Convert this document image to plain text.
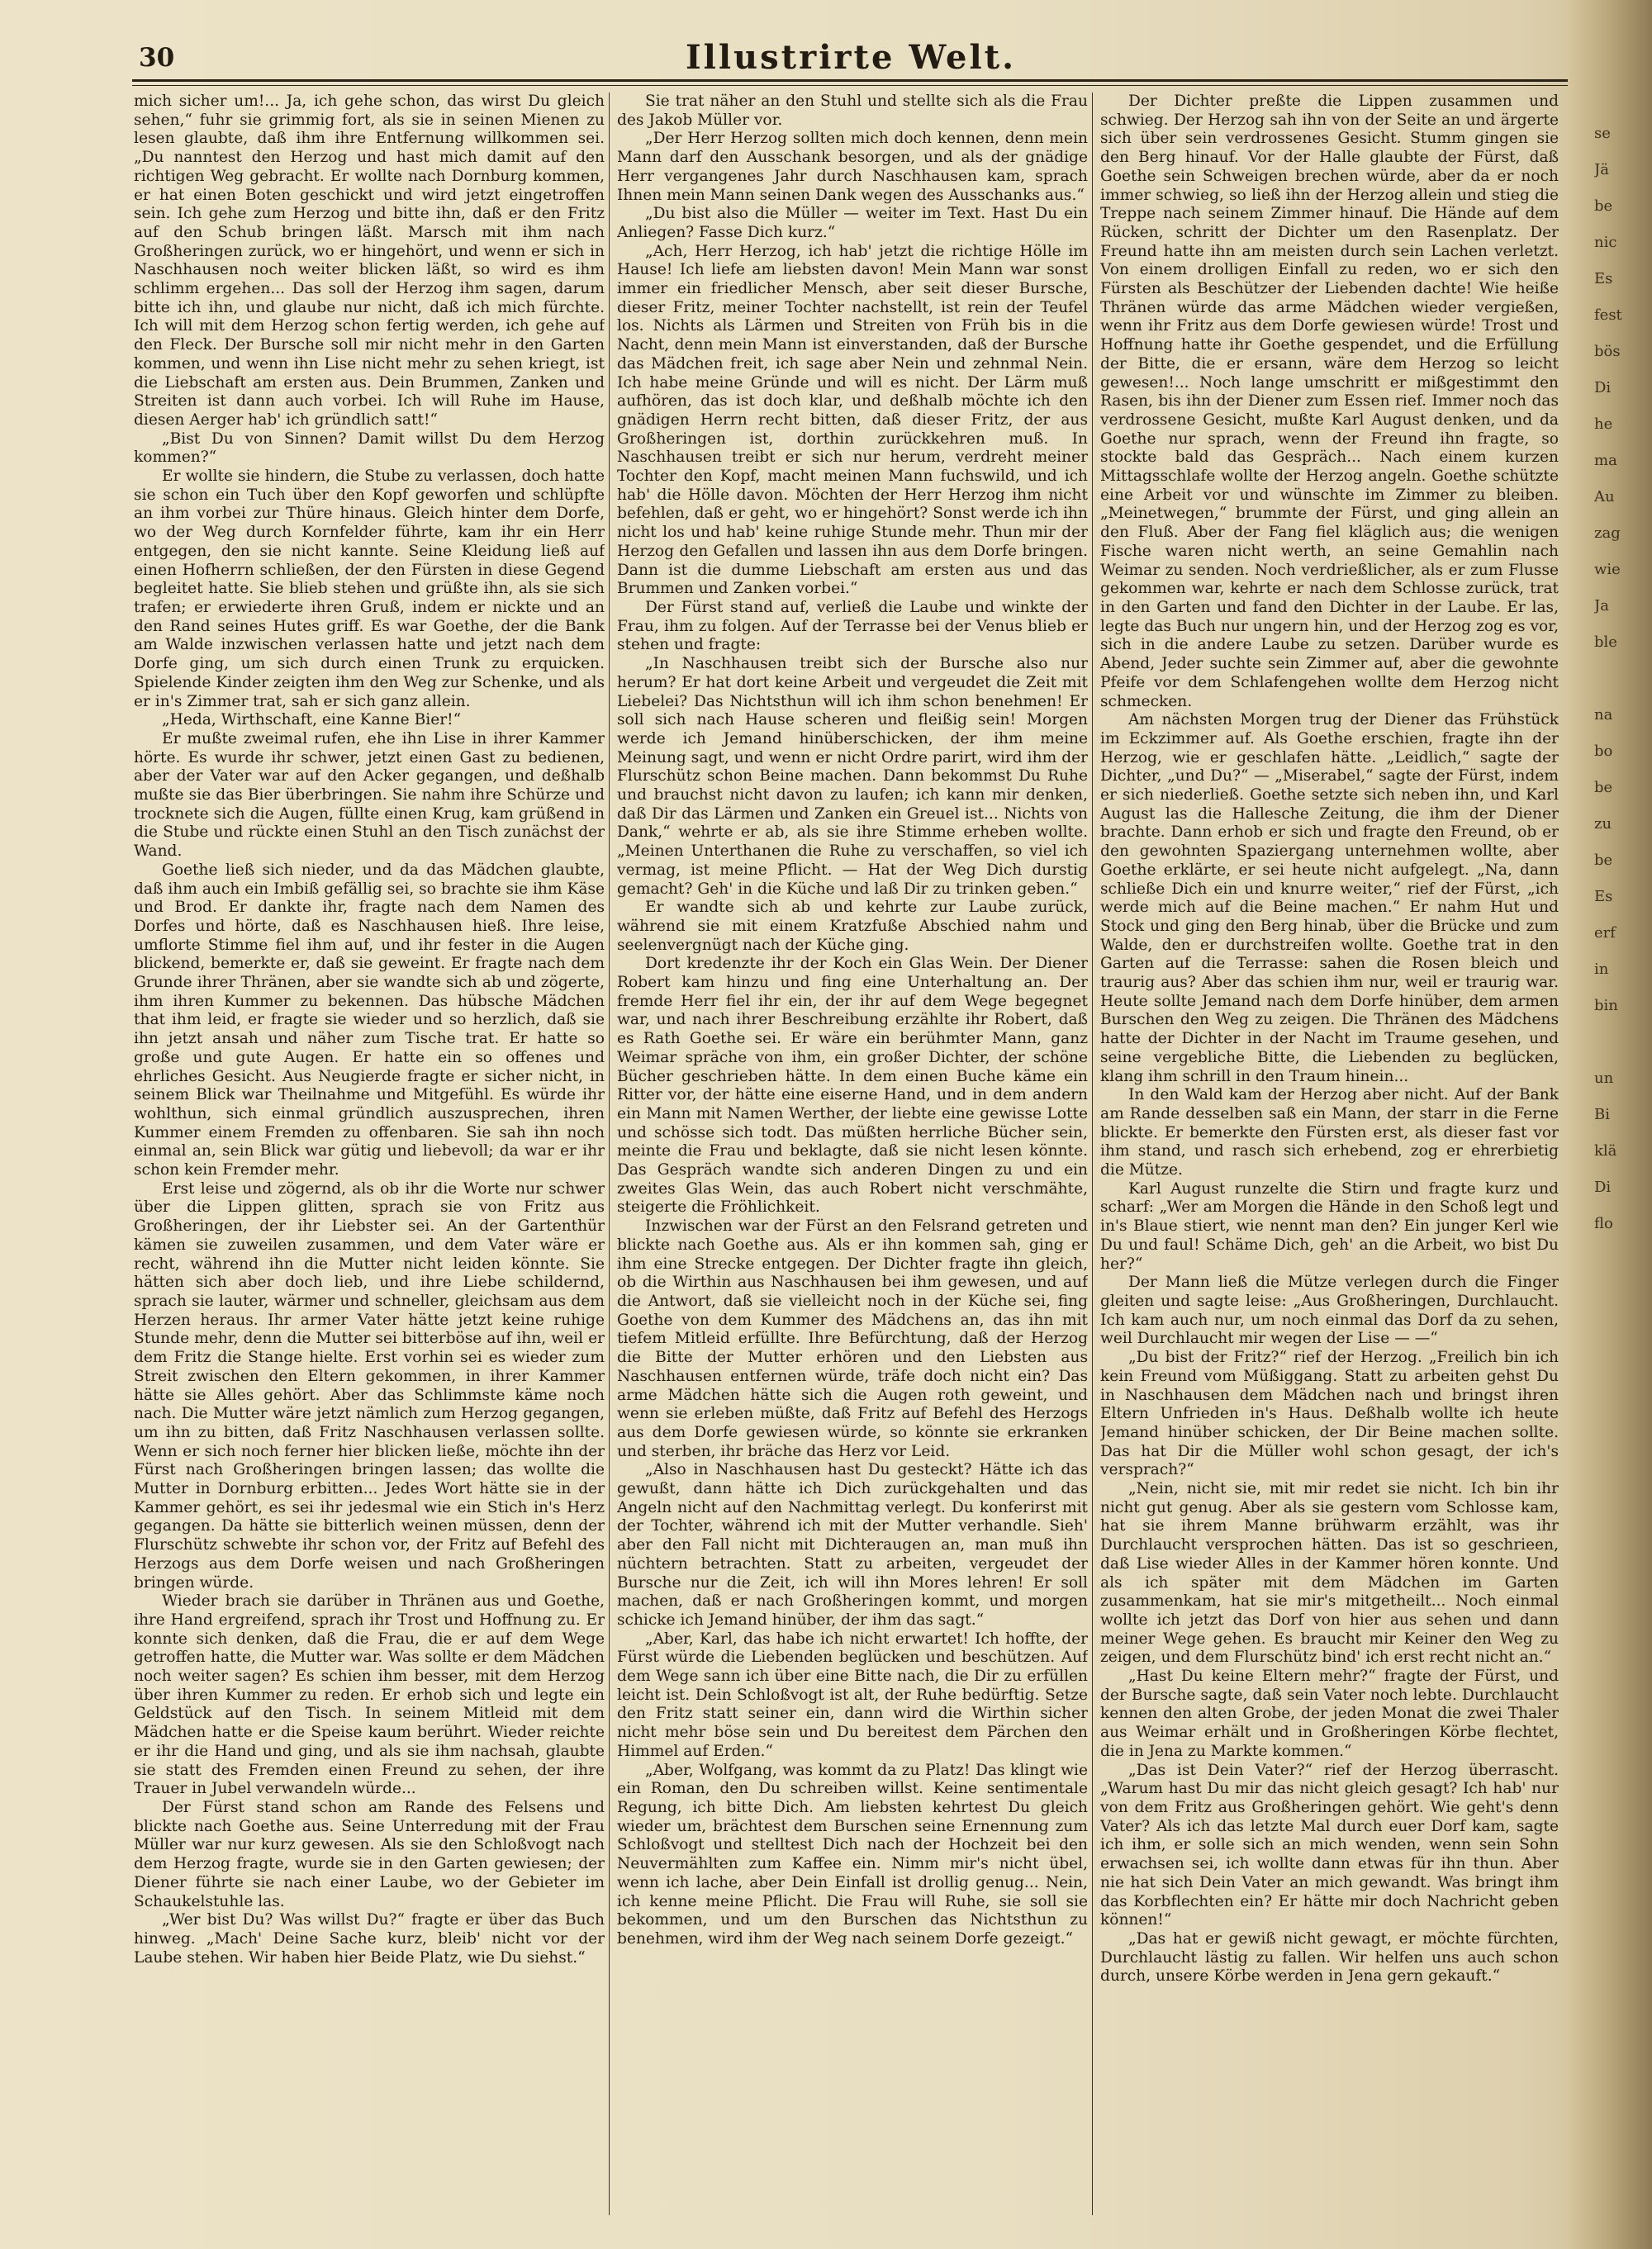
30	Illustrirte Welt.

mich sicher um!... Ja, ich gehe schon, das wirst Du gleich sehen,“ fuhr sie grimmig fort, als sie in seinen Mienen zu lesen glaubte, daß ihm ihre Entfernung willkommen sei. „Du nanntest den Herzog und hast mich damit auf den richtigen Weg gebracht. Er wollte nach Dornburg kommen, er hat einen Boten geschickt und wird jetzt eingetroffen sein. Ich gehe zum Herzog und bitte ihn, daß er den Fritz auf den Schub bringen läßt. Marsch mit ihm nach Großheringen zurück, wo er hingehört, und wenn er sich in Naschhausen noch weiter blicken läßt, so wird es ihm schlimm ergehen... Das soll der Herzog ihm sagen, darum bitte ich ihn, und glaube nur nicht, daß ich mich fürchte. Ich will mit dem Herzog schon fertig werden, ich gehe auf den Fleck. Der Bursche soll mir nicht mehr in den Garten kommen, und wenn ihn Lise nicht mehr zu sehen kriegt, ist die Liebschaft am ersten aus. Dein Brummen, Zanken und Streiten ist dann auch vorbei. Ich will Ruhe im Hause, diesen Aerger hab' ich gründlich satt!“

„Bist Du von Sinnen? Damit willst Du dem Herzog kommen?“

Er wollte sie hindern, die Stube zu verlassen, doch hatte sie schon ein Tuch über den Kopf geworfen und schlüpfte an ihm vorbei zur Thüre hinaus. Gleich hinter dem Dorfe, wo der Weg durch Kornfelder führte, kam ihr ein Herr entgegen, den sie nicht kannte. Seine Kleidung ließ auf einen Hofherrn schließen, der den Fürsten in diese Gegend begleitet hatte. Sie blieb stehen und grüßte ihn, als sie sich trafen; er erwiederte ihren Gruß, indem er nickte und an den Rand seines Hutes griff. Es war Goethe, der die Bank am Walde inzwischen verlassen hatte und jetzt nach dem Dorfe ging, um sich durch einen Trunk zu erquicken. Spielende Kinder zeigten ihm den Weg zur Schenke, und als er in's Zimmer trat, sah er sich ganz allein.

„Heda, Wirthschaft, eine Kanne Bier!“

Er mußte zweimal rufen, ehe ihn Lise in ihrer Kammer hörte. Es wurde ihr schwer, jetzt einen Gast zu bedienen, aber der Vater war auf den Acker gegangen, und deßhalb mußte sie das Bier überbringen. Sie nahm ihre Schürze und trocknete sich die Augen, füllte einen Krug, kam grüßend in die Stube und rückte einen Stuhl an den Tisch zunächst der Wand.

Goethe ließ sich nieder, und da das Mädchen glaubte, daß ihm auch ein Imbiß gefällig sei, so brachte sie ihm Käse und Brod. Er dankte ihr, fragte nach dem Namen des Dorfes und hörte, daß es Naschhausen hieß. Ihre leise, umflorte Stimme fiel ihm auf, und ihr fester in die Augen blickend, bemerkte er, daß sie geweint. Er fragte nach dem Grunde ihrer Thränen, aber sie wandte sich ab und zögerte, ihm ihren Kummer zu bekennen. Das hübsche Mädchen that ihm leid, er fragte sie wieder und so herzlich, daß sie ihn jetzt ansah und näher zum Tische trat. Er hatte so große und gute Augen. Er hatte ein so offenes und ehrliches Gesicht. Aus Neugierde fragte er sicher nicht, in seinem Blick war Theilnahme und Mitgefühl. Es würde ihr wohlthun, sich einmal gründlich auszusprechen, ihren Kummer einem Fremden zu offenbaren. Sie sah ihn noch einmal an, sein Blick war gütig und liebevoll; da war er ihr schon kein Fremder mehr.

Erst leise und zögernd, als ob ihr die Worte nur schwer über die Lippen glitten, sprach sie von Fritz aus Großheringen, der ihr Liebster sei. An der Gartenthür kämen sie zuweilen zusammen, und dem Vater wäre er recht, während ihn die Mutter nicht leiden könnte. Sie hätten sich aber doch lieb, und ihre Liebe schildernd, sprach sie lauter, wärmer und schneller, gleichsam aus dem Herzen heraus. Ihr armer Vater hätte jetzt keine ruhige Stunde mehr, denn die Mutter sei bitterböse auf ihn, weil er dem Fritz die Stange hielte. Erst vorhin sei es wieder zum Streit zwischen den Eltern gekommen, in ihrer Kammer hätte sie Alles gehört. Aber das Schlimmste käme noch nach. Die Mutter wäre jetzt nämlich zum Herzog gegangen, um ihn zu bitten, daß Fritz Naschhausen verlassen sollte. Wenn er sich noch ferner hier blicken ließe, möchte ihn der Fürst nach Großheringen bringen lassen; das wollte die Mutter in Dornburg erbitten... Jedes Wort hätte sie in der Kammer gehört, es sei ihr jedesmal wie ein Stich in's Herz gegangen. Da hätte sie bitterlich weinen müssen, denn der Flurschütz schwebte ihr schon vor, der Fritz auf Befehl des Herzogs aus dem Dorfe weisen und nach Großheringen bringen würde.

Wieder brach sie darüber in Thränen aus und Goethe, ihre Hand ergreifend, sprach ihr Trost und Hoffnung zu. Er konnte sich denken, daß die Frau, die er auf dem Wege getroffen hatte, die Mutter war. Was sollte er dem Mädchen noch weiter sagen? Es schien ihm besser, mit dem Herzog über ihren Kummer zu reden. Er erhob sich und legte ein Geldstück auf den Tisch. In seinem Mitleid mit dem Mädchen hatte er die Speise kaum berührt. Wieder reichte er ihr die Hand und ging, und als sie ihm nachsah, glaubte sie statt des Fremden einen Freund zu sehen, der ihre Trauer in Jubel verwandeln würde...

Der Fürst stand schon am Rande des Felsens und blickte nach Goethe aus. Seine Unterredung mit der Frau Müller war nur kurz gewesen. Als sie den Schloßvogt nach dem Herzog fragte, wurde sie in den Garten gewiesen; der Diener führte sie nach einer Laube, wo der Gebieter im Schaukelstuhle las.

„Wer bist Du? Was willst Du?“ fragte er über das Buch hinweg. „Mach' Deine Sache kurz, bleib' nicht vor der Laube stehen. Wir haben hier Beide Platz, wie Du siehst.“

Sie trat näher an den Stuhl und stellte sich als die Frau des Jakob Müller vor.

„Der Herr Herzog sollten mich doch kennen, denn mein Mann darf den Ausschank besorgen, und als der gnädige Herr vergangenes Jahr durch Naschhausen kam, sprach Ihnen mein Mann seinen Dank wegen des Ausschanks aus.“

„Du bist also die Müller — weiter im Text. Hast Du ein Anliegen? Fasse Dich kurz.“

„Ach, Herr Herzog, ich hab' jetzt die richtige Hölle im Hause! Ich liefe am liebsten davon! Mein Mann war sonst immer ein friedlicher Mensch, aber seit dieser Bursche, dieser Fritz, meiner Tochter nachstellt, ist rein der Teufel los. Nichts als Lärmen und Streiten von Früh bis in die Nacht, denn mein Mann ist einverstanden, daß der Bursche das Mädchen freit, ich sage aber Nein und zehnmal Nein. Ich habe meine Gründe und will es nicht. Der Lärm muß aufhören, das ist doch klar, und deßhalb möchte ich den gnädigen Herrn recht bitten, daß dieser Fritz, der aus Großheringen ist, dorthin zurückkehren muß. In Naschhausen treibt er sich nur herum, verdreht meiner Tochter den Kopf, macht meinen Mann fuchswild, und ich hab' die Hölle davon. Möchten der Herr Herzog ihm nicht befehlen, daß er geht, wo er hingehört? Sonst werde ich ihn nicht los und hab' keine ruhige Stunde mehr. Thun mir der Herzog den Gefallen und lassen ihn aus dem Dorfe bringen. Dann ist die dumme Liebschaft am ersten aus und das Brummen und Zanken vorbei.“

Der Fürst stand auf, verließ die Laube und winkte der Frau, ihm zu folgen. Auf der Terrasse bei der Venus blieb er stehen und fragte:

„In Naschhausen treibt sich der Bursche also nur herum? Er hat dort keine Arbeit und vergeudet die Zeit mit Liebelei? Das Nichtsthun will ich ihm schon benehmen! Er soll sich nach Hause scheren und fleißig sein! Morgen werde ich Jemand hinüberschicken, der ihm meine Meinung sagt, und wenn er nicht Ordre parirt, wird ihm der Flurschütz schon Beine machen. Dann bekommst Du Ruhe und brauchst nicht davon zu laufen; ich kann mir denken, daß Dir das Lärmen und Zanken ein Greuel ist... Nichts von Dank,“ wehrte er ab, als sie ihre Stimme erheben wollte. „Meinen Unterthanen die Ruhe zu verschaffen, so viel ich vermag, ist meine Pflicht. — Hat der Weg Dich durstig gemacht? Geh' in die Küche und laß Dir zu trinken geben.“

Er wandte sich ab und kehrte zur Laube zurück, während sie mit einem Kratzfuße Abschied nahm und seelenvergnügt nach der Küche ging.

Dort kredenzte ihr der Koch ein Glas Wein. Der Diener Robert kam hinzu und fing eine Unterhaltung an. Der fremde Herr fiel ihr ein, der ihr auf dem Wege begegnet war, und nach ihrer Beschreibung erzählte ihr Robert, daß es Rath Goethe sei. Er wäre ein berühmter Mann, ganz Weimar spräche von ihm, ein großer Dichter, der schöne Bücher geschrieben hätte. In dem einen Buche käme ein Ritter vor, der hätte eine eiserne Hand, und in dem andern ein Mann mit Namen Werther, der liebte eine gewisse Lotte und schösse sich todt. Das müßten herrliche Bücher sein, meinte die Frau und beklagte, daß sie nicht lesen könnte. Das Gespräch wandte sich anderen Dingen zu und ein zweites Glas Wein, das auch Robert nicht verschmähte, steigerte die Fröhlichkeit.

Inzwischen war der Fürst an den Felsrand getreten und blickte nach Goethe aus. Als er ihn kommen sah, ging er ihm eine Strecke entgegen. Der Dichter fragte ihn gleich, ob die Wirthin aus Naschhausen bei ihm gewesen, und auf die Antwort, daß sie vielleicht noch in der Küche sei, fing Goethe von dem Kummer des Mädchens an, das ihn mit tiefem Mitleid erfüllte. Ihre Befürchtung, daß der Herzog die Bitte der Mutter erhören und den Liebsten aus Naschhausen entfernen würde, träfe doch nicht ein? Das arme Mädchen hätte sich die Augen roth geweint, und wenn sie erleben müßte, daß Fritz auf Befehl des Herzogs aus dem Dorfe gewiesen würde, so könnte sie erkranken und sterben, ihr bräche das Herz vor Leid.

„Also in Naschhausen hast Du gesteckt? Hätte ich das gewußt, dann hätte ich Dich zurückgehalten und das Angeln nicht auf den Nachmittag verlegt. Du konferirst mit der Tochter, während ich mit der Mutter verhandle. Sieh' aber den Fall nicht mit Dichteraugen an, man muß ihn nüchtern betrachten. Statt zu arbeiten, vergeudet der Bursche nur die Zeit, ich will ihn Mores lehren! Er soll machen, daß er nach Großheringen kommt, und morgen schicke ich Jemand hinüber, der ihm das sagt.“

„Aber, Karl, das habe ich nicht erwartet! Ich hoffte, der Fürst würde die Liebenden beglücken und beschützen. Auf dem Wege sann ich über eine Bitte nach, die Dir zu erfüllen leicht ist. Dein Schloßvogt ist alt, der Ruhe bedürftig. Setze den Fritz statt seiner ein, dann wird die Wirthin sicher nicht mehr böse sein und Du bereitest dem Pärchen den Himmel auf Erden.“

„Aber, Wolfgang, was kommt da zu Platz! Das klingt wie ein Roman, den Du schreiben willst. Keine sentimentale Regung, ich bitte Dich. Am liebsten kehrtest Du gleich wieder um, brächtest dem Burschen seine Ernennung zum Schloßvogt und stelltest Dich nach der Hochzeit bei den Neuvermählten zum Kaffee ein. Nimm mir's nicht übel, wenn ich lache, aber Dein Einfall ist drollig genug... Nein, ich kenne meine Pflicht. Die Frau will Ruhe, sie soll sie bekommen, und um den Burschen das Nichtsthun zu benehmen, wird ihm der Weg nach seinem Dorfe gezeigt.“

Der Dichter preßte die Lippen zusammen und schwieg. Der Herzog sah ihn von der Seite an und ärgerte sich über sein verdrossenes Gesicht. Stumm gingen sie den Berg hinauf. Vor der Halle glaubte der Fürst, daß Goethe sein Schweigen brechen würde, aber da er noch immer schwieg, so ließ ihn der Herzog allein und stieg die Treppe nach seinem Zimmer hinauf. Die Hände auf dem Rücken, schritt der Dichter um den Rasenplatz. Der Freund hatte ihn am meisten durch sein Lachen verletzt. Von einem drolligen Einfall zu reden, wo er sich den Fürsten als Beschützer der Liebenden dachte! Wie heiße Thränen würde das arme Mädchen wieder vergießen, wenn ihr Fritz aus dem Dorfe gewiesen würde! Trost und Hoffnung hatte ihr Goethe gespendet, und die Erfüllung der Bitte, die er ersann, wäre dem Herzog so leicht gewesen!... Noch lange umschritt er mißgestimmt den Rasen, bis ihn der Diener zum Essen rief. Immer noch das verdrossene Gesicht, mußte Karl August denken, und da Goethe nur sprach, wenn der Freund ihn fragte, so stockte bald das Gespräch... Nach einem kurzen Mittagsschlafe wollte der Herzog angeln. Goethe schützte eine Arbeit vor und wünschte im Zimmer zu bleiben. „Meinetwegen,“ brummte der Fürst, und ging allein an den Fluß. Aber der Fang fiel kläglich aus; die wenigen Fische waren nicht werth, an seine Gemahlin nach Weimar zu senden. Noch verdrießlicher, als er zum Flusse gekommen war, kehrte er nach dem Schlosse zurück, trat in den Garten und fand den Dichter in der Laube. Er las, legte das Buch nur ungern hin, und der Herzog zog es vor, sich in die andere Laube zu setzen. Darüber wurde es Abend, Jeder suchte sein Zimmer auf, aber die gewohnte Pfeife vor dem Schlafengehen wollte dem Herzog nicht schmecken.

Am nächsten Morgen trug der Diener das Frühstück im Eckzimmer auf. Als Goethe erschien, fragte ihn der Herzog, wie er geschlafen hätte. „Leidlich,“ sagte der Dichter, „und Du?“ — „Miserabel,“ sagte der Fürst, indem er sich niederließ. Goethe setzte sich neben ihn, und Karl August las die Hallesche Zeitung, die ihm der Diener brachte. Dann erhob er sich und fragte den Freund, ob er den gewohnten Spaziergang unternehmen wollte, aber Goethe erklärte, er sei heute nicht aufgelegt. „Na, dann schließe Dich ein und knurre weiter,“ rief der Fürst, „ich werde mich auf die Beine machen.“ Er nahm Hut und Stock und ging den Berg hinab, über die Brücke und zum Walde, den er durchstreifen wollte. Goethe trat in den Garten auf die Terrasse: sahen die Rosen bleich und traurig aus? Aber das schien ihm nur, weil er traurig war. Heute sollte Jemand nach dem Dorfe hinüber, dem armen Burschen den Weg zu zeigen. Die Thränen des Mädchens hatte der Dichter in der Nacht im Traume gesehen, und seine vergebliche Bitte, die Liebenden zu beglücken, klang ihm schrill in den Traum hinein...

In den Wald kam der Herzog aber nicht. Auf der Bank am Rande desselben saß ein Mann, der starr in die Ferne blickte. Er bemerkte den Fürsten erst, als dieser fast vor ihm stand, und rasch sich erhebend, zog er ehrerbietig die Mütze.

Karl August runzelte die Stirn und fragte kurz und scharf: „Wer am Morgen die Hände in den Schoß legt und in's Blaue stiert, wie nennt man den? Ein junger Kerl wie Du und faul! Schäme Dich, geh' an die Arbeit, wo bist Du her?“

Der Mann ließ die Mütze verlegen durch die Finger gleiten und sagte leise: „Aus Großheringen, Durchlaucht. Ich kam auch nur, um noch einmal das Dorf da zu sehen, weil Durchlaucht mir wegen der Lise — —“

„Du bist der Fritz?“ rief der Herzog. „Freilich bin ich kein Freund vom Müßiggang. Statt zu arbeiten gehst Du in Naschhausen dem Mädchen nach und bringst ihren Eltern Unfrieden in's Haus. Deßhalb wollte ich heute Jemand hinüber schicken, der Dir Beine machen sollte. Das hat Dir die Müller wohl schon gesagt, der ich's versprach?“

„Nein, nicht sie, mit mir redet sie nicht. Ich bin ihr nicht gut genug. Aber als sie gestern vom Schlosse kam, hat sie ihrem Manne brühwarm erzählt, was ihr Durchlaucht versprochen hätten. Das ist so geschrieen, daß Lise wieder Alles in der Kammer hören konnte. Und als ich später mit dem Mädchen im Garten zusammenkam, hat sie mir's mitgetheilt... Noch einmal wollte ich jetzt das Dorf von hier aus sehen und dann meiner Wege gehen. Es braucht mir Keiner den Weg zu zeigen, und dem Flurschütz bind' ich erst recht nicht an.“

„Hast Du keine Eltern mehr?“ fragte der Fürst, und der Bursche sagte, daß sein Vater noch lebte. Durchlaucht kennen den alten Grobe, der jeden Monat die zwei Thaler aus Weimar erhält und in Großheringen Körbe flechtet, die in Jena zu Markte kommen.“

„Das ist Dein Vater?“ rief der Herzog überrascht. „Warum hast Du mir das nicht gleich gesagt? Ich hab' nur von dem Fritz aus Großheringen gehört. Wie geht's denn Vater? Als ich das letzte Mal durch euer Dorf kam, sagte ich ihm, er solle sich an mich wenden, wenn sein Sohn erwachsen sei, ich wollte dann etwas für ihn thun. Aber nie hat sich Dein Vater an mich gewandt. Was bringt ihm das Korbflechten ein? Er hätte mir doch Nachricht geben können!“

„Das hat er gewiß nicht gewagt, er möchte fürchten, Durchlaucht lästig zu fallen. Wir helfen uns auch schon durch, unsere Körbe werden in Jena gern gekauft.“

se
Jä
be
nic
Es
fest
bös
Di
he
ma
Au
zag
wie
Ja
ble

na
bo
be
zu
be
Es
erf
in
bin

un
Bi
klä
Di
flo
